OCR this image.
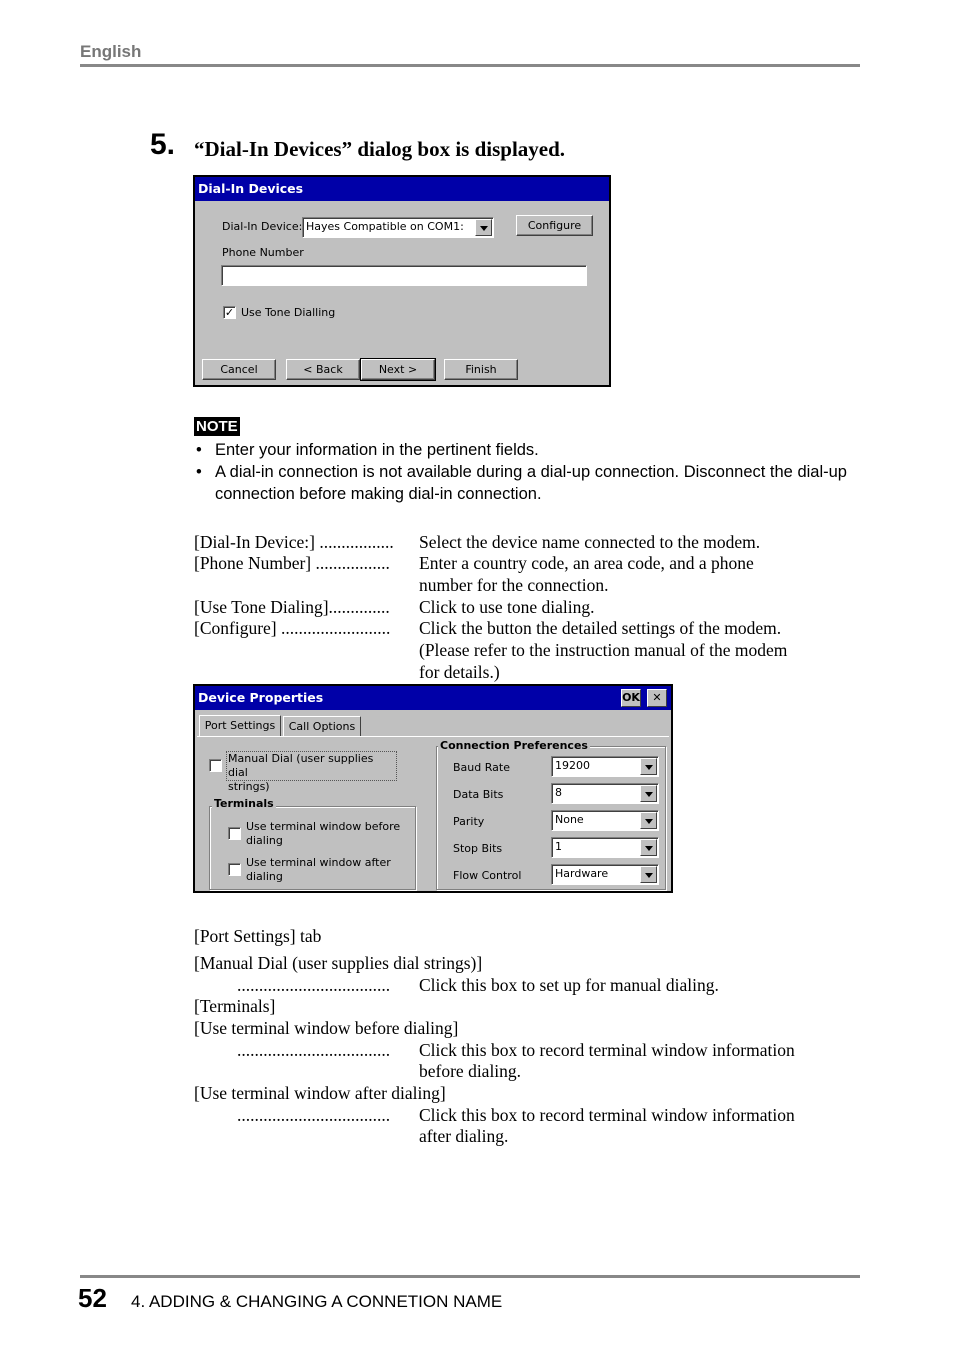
English
5. “Dial-In Devices” dialog box is displayed.
Dial-In Devices
Dial-In Device: Hayes Compatible on COM1:	Configure
Phone Number
✓ Use Tone Dialling
Cancel	< Back	Next >	Finish
NOTE
• Enter your information in the pertinent fields.
• A dial-in connection is not available during a dial-up connection. Disconnect the dial-up connection before making dial-in connection.
[Dial-In Device:] ................. Select the device name connected to the modem.
[Phone Number] ................. Enter a country code, an area code, and a phone
number for the connection.
[Use Tone Dialing].............. Click to use tone dialing.
[Configure] ......................... Click the button the detailed settings of the modem.
(Please refer to the instruction manual of the modem
for details.)
Device Properties	OK	✕
Port Settings	Call Options
Manual Dial (user supplies dial
strings)
Terminals
Use terminal window before
dialing
Use terminal window after
dialing
Connection Preferences
Baud Rate	19200
Data Bits	8
Parity	None
Stop Bits	1
Flow Control	Hardware
[Port Settings] tab
[Manual Dial (user supplies dial strings)]
................................... Click this box to set up for manual dialing.
[Terminals]
[Use terminal window before dialing]
................................... Click this box to record terminal window information
before dialing.
[Use terminal window after dialing]
................................... Click this box to record terminal window information
after dialing.
52 4. ADDING & CHANGING A CONNETION NAME
